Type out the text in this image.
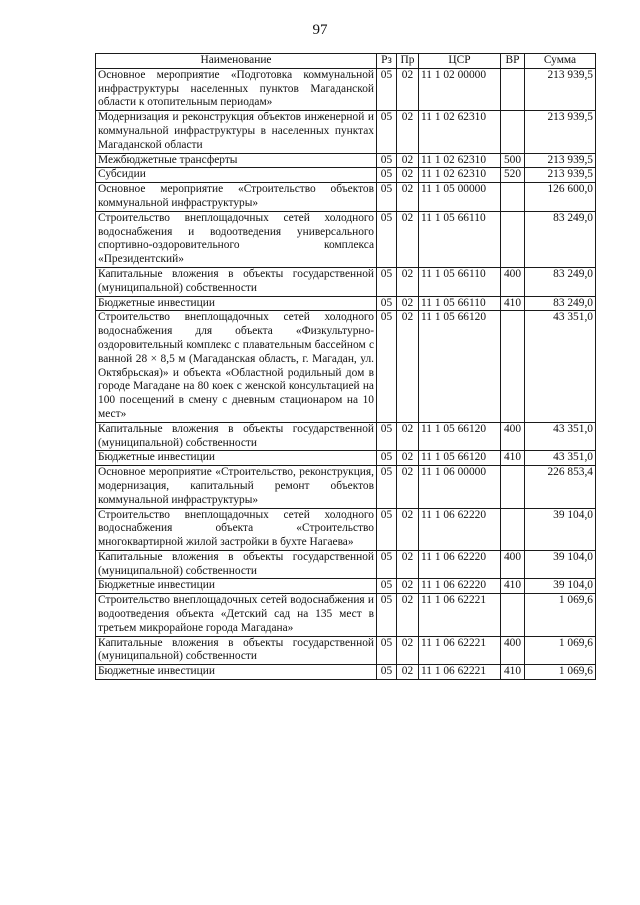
97
Наименование	Рз	Пр	ЦСР	ВР	Сумма
Основное мероприятие «Подготовка коммунальной инфраструктуры населенных пунктов Магаданской области к отопительным периодам»	05	02	11 1 02 00000		213 939,5
Модернизация и реконструкция объектов инженерной и коммунальной инфраструктуры в населенных пунктах Магаданской области	05	02	11 1 02 62310		213 939,5
Межбюджетные трансферты	05	02	11 1 02 62310	500	213 939,5
Субсидии	05	02	11 1 02 62310	520	213 939,5
Основное мероприятие «Строительство объектов коммунальной инфраструктуры»	05	02	11 1 05 00000		126 600,0
Строительство внеплощадочных сетей холодного водоснабжения и водоотведения универсального спортивно-оздоровительного комплекса «Президентский»	05	02	11 1 05 66110		83 249,0
Капитальные вложения в объекты государственной (муниципальной) собственности	05	02	11 1 05 66110	400	83 249,0
Бюджетные инвестиции	05	02	11 1 05 66110	410	83 249,0
Строительство внеплощадочных сетей холодного водоснабжения для объекта «Физкультурно-оздоровительный комплекс с плавательным бассейном с ванной 28 × 8,5 м (Магаданская область, г. Магадан, ул. Октябрьская)» и объекта «Областной родильный дом в городе Магадане на 80 коек с женской консультацией на 100 посещений в смену с дневным стационаром на 10 мест»	05	02	11 1 05 66120		43 351,0
Капитальные вложения в объекты государственной (муниципальной) собственности	05	02	11 1 05 66120	400	43 351,0
Бюджетные инвестиции	05	02	11 1 05 66120	410	43 351,0
Основное мероприятие «Строительство, реконструкция, модернизация, капитальный ремонт объектов коммунальной инфраструктуры»	05	02	11 1 06 00000		226 853,4
Строительство внеплощадочных сетей холодного водоснабжения объекта «Строительство многоквартирной жилой застройки в бухте Нагаева»	05	02	11 1 06 62220		39 104,0
Капитальные вложения в объекты государственной (муниципальной) собственности	05	02	11 1 06 62220	400	39 104,0
Бюджетные инвестиции	05	02	11 1 06 62220	410	39 104,0
Строительство внеплощадочных сетей водоснабжения и водоотведения объекта «Детский сад на 135 мест в третьем микрорайоне города Магадана»	05	02	11 1 06 62221		1 069,6
Капитальные вложения в объекты государственной (муниципальной) собственности	05	02	11 1 06 62221	400	1 069,6
Бюджетные инвестиции	05	02	11 1 06 62221	410	1 069,6
